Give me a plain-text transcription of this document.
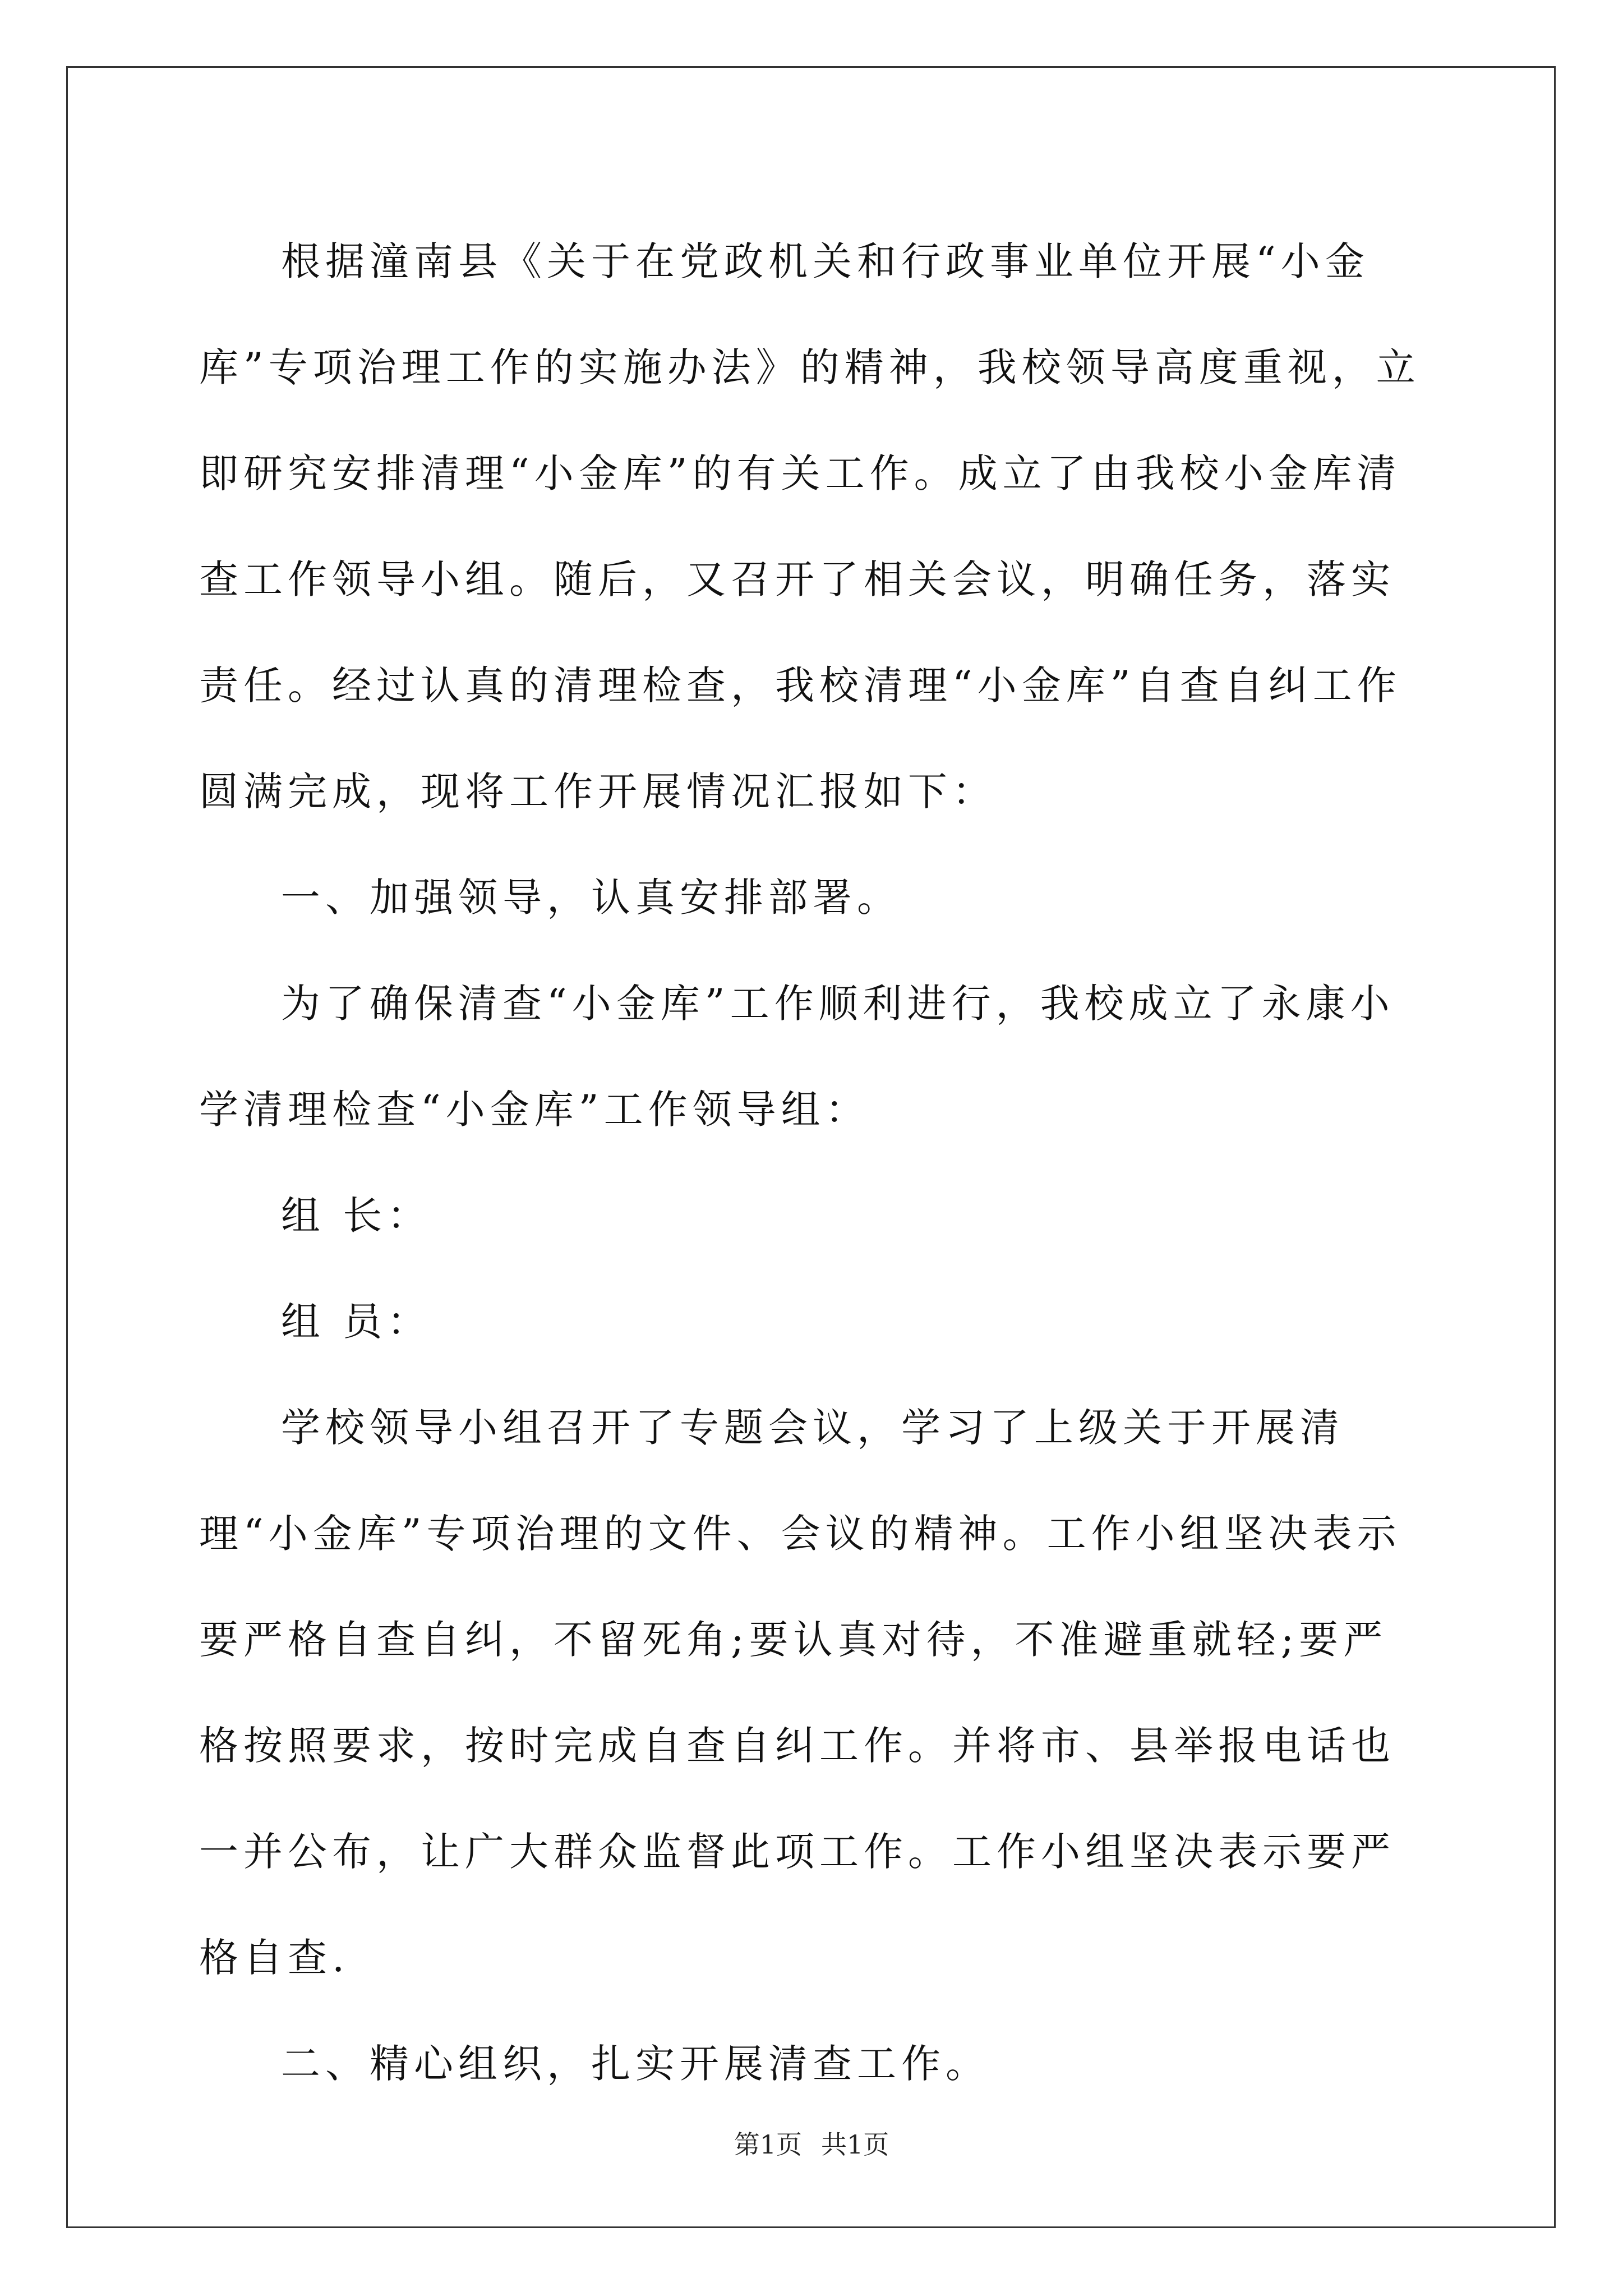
根据潼南县《关于在党政机关和行政事业单位开展“小金库”专项治理工作的实施办法》的精神，我校领导高度重视，立即研究安排清理“小金库”的有关工作。成立了由我校小金库清查工作领导小组。随后，又召开了相关会议，明确任务，落实责任。经过认真的清理检查，我校清理“小金库”自查自纠工作圆满完成，现将工作开展情况汇报如下：

一、加强领导，认真安排部署。

为了确保清查“小金库”工作顺利进行，我校成立了永康小学清理检查“小金库”工作领导组：

组 长：

组 员：

学校领导小组召开了专题会议，学习了上级关于开展清理“小金库”专项治理的文件、会议的精神。工作小组坚决表示要严格自查自纠，不留死角;要认真对待，不准避重就轻;要严格按照要求，按时完成自查自纠工作。并将市、县举报电话也一并公布，让广大群众监督此项工作。工作小组坚决表示要严格自查.

二、精心组织，扎实开展清查工作。

第1页 共1页
